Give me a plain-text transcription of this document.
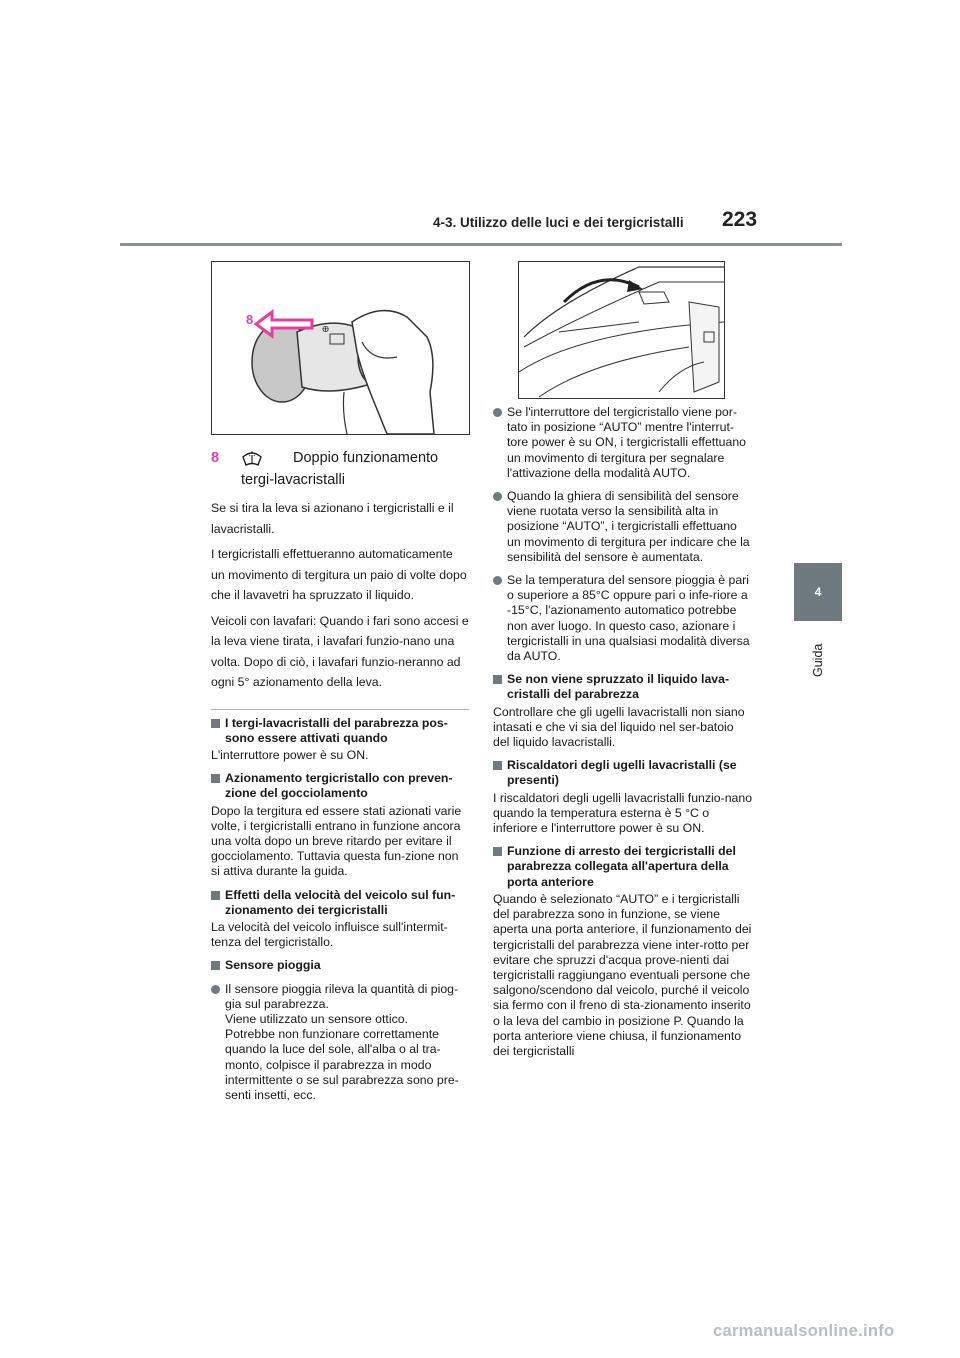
4-3. Utilizzo delle luci e dei tergicristalli 223
4
Guida
ⴲ
8
8	Doppio funzionamento
tergi-lavacristalli

Se si tira la leva si azionano i tergicristalli e il lavacristalli.

I tergicristalli effettueranno automaticamente un movimento di tergitura un paio di volte dopo che il lavavetri ha spruzzato il liquido.

Veicoli con lavafari: Quando i fari sono accesi e la leva viene tirata, i lavafari funzio-nano una volta. Dopo di ciò, i lavafari funzio-neranno ad ogni 5° azionamento della leva.

I tergi-lavacristalli del parabrezza pos-sono essere attivati quando

L'interruttore power è su ON.

Azionamento tergicristallo con preven-zione del gocciolamento

Dopo la tergitura ed essere stati azionati varie volte, i tergicristalli entrano in funzione ancora una volta dopo un breve ritardo per evitare il gocciolamento. Tuttavia questa fun-zione non si attiva durante la guida.

Effetti della velocità del veicolo sul fun-zionamento dei tergicristalli

La velocità del veicolo influisce sull'intermit-tenza del tergicristallo.

Sensore pioggia
Il sensore pioggia rileva la quantità di piog-gia sul parabrezza.
Viene utilizzato un sensore ottico.
Potrebbe non funzionare correttamente quando la luce del sole, all'alba o al tra-monto, colpisce il parabrezza in modo intermittente o se sul parabrezza sono pre-senti insetti, ecc.
Se l'interruttore del tergicristallo viene por-tato in posizione “AUTO” mentre l'interrut-tore power è su ON, i tergicristalli effettuano un movimento di tergitura per segnalare l'attivazione della modalità AUTO.
Quando la ghiera di sensibilità del sensore viene ruotata verso la sensibilità alta in posizione “AUTO”, i tergicristalli effettuano un movimento di tergitura per indicare che la sensibilità del sensore è aumentata.
Se la temperatura del sensore pioggia è pari o superiore a 85°C oppure pari o infe-riore a -15°C, l'azionamento automatico potrebbe non aver luogo. In questo caso, azionare i tergicristalli in una qualsiasi modalità diversa da AUTO.
Se non viene spruzzato il liquido lava-cristalli del parabrezza

Controllare che gli ugelli lavacristalli non siano intasati e che vi sia del liquido nel ser-batoio del liquido lavacristalli.

Riscaldatori degli ugelli lavacristalli (se presenti)

I riscaldatori degli ugelli lavacristalli funzio-nano quando la temperatura esterna è 5 °C o inferiore e l'interruttore power è su ON.

Funzione di arresto dei tergicristalli del parabrezza collegata all'apertura della porta anteriore

Quando è selezionato “AUTO” e i tergicristalli del parabrezza sono in funzione, se viene aperta una porta anteriore, il funzionamento dei tergicristalli del parabrezza viene inter-rotto per evitare che spruzzi d'acqua prove-nienti dai tergicristalli raggiungano eventuali persone che salgono/scendono dal veicolo, purché il veicolo sia fermo con il freno di sta-zionamento inserito o la leva del cambio in posizione P. Quando la porta anteriore viene chiusa, il funzionamento dei tergicristalli

carmanualsonline.info
